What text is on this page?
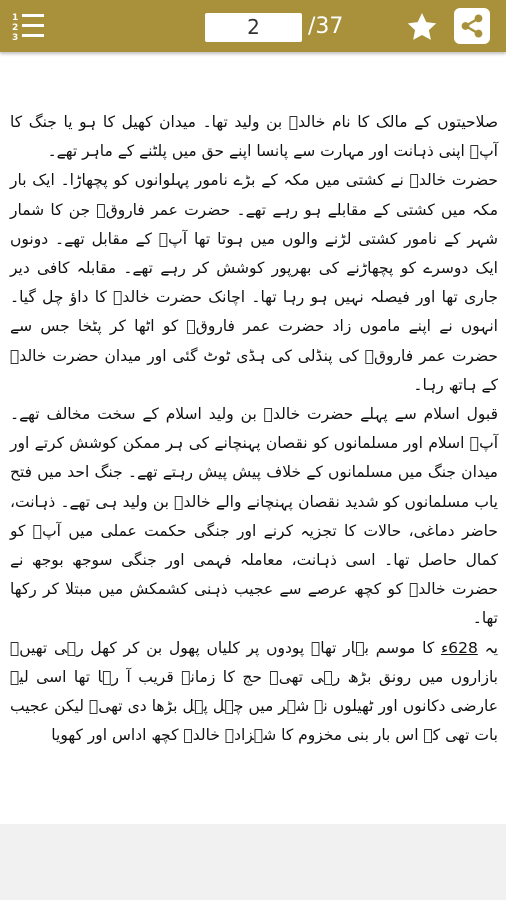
1
2
3	2	/37

صلاحیتوں کے مالک کا نام خالدؓ بن ولید تھا۔ میدان کھیل کا ہو یا جنگ کا آپؓ اپنی ذہانت اور مہارت سے پانسا اپنے حق میں پلٹنے کے ماہر تھے۔

حضرت خالدؓ نے کشتی میں مکہ کے بڑے نامور پہلوانوں کو پچھاڑا۔ ایک بار مکہ میں کشتی کے مقابلے ہو رہے تھے۔ حضرت عمر فاروقؓ جن کا شمار شہر کے نامور کشتی لڑنے والوں میں ہوتا تھا آپؓ کے مقابل تھے۔ دونوں ایک دوسرے کو پچھاڑنے کی بھرپور کوشش کر رہے تھے۔ مقابلہ کافی دیر جاری تھا اور فیصلہ نہیں ہو رہا تھا۔ اچانک حضرت خالدؓ کا داؤ چل گیا۔ انہوں نے اپنے ماموں زاد حضرت عمر فاروقؓ کو اٹھا کر پٹخا جس سے حضرت عمر فاروقؓ کی پنڈلی کی ہڈی ٹوٹ گئی اور میدان حضرت خالدؓ کے ہاتھ رہا۔

قبول اسلام سے پہلے حضرت خالدؓ بن ولید اسلام کے سخت مخالف تھے۔ آپؓ اسلام اور مسلمانوں کو نقصان پہنچانے کی ہر ممکن کوشش کرتے اور میدان جنگ میں مسلمانوں کے خلاف پیش پیش رہتے تھے۔ جنگ احد میں فتح یاب مسلمانوں کو شدید نقصان پہنچانے والے خالدؓ بن ولید ہی تھے۔ ذہانت، حاضر دماغی، حالات کا تجزیہ کرنے اور جنگی حکمت عملی میں آپؓ کو کمال حاصل تھا۔ اسی ذہانت، معاملہ فہمی اور جنگی سوجھ بوجھ نے حضرت خالدؓ کو کچھ عرصے سے عجیب ذہنی کشمکش میں مبتلا کر رکھا تھا۔

یہ 628ء کا موسم بہار تھا۔ پودوں پر کلیاں پھول بن کر کھل رہی تھیں۔ بازاروں میں رونق بڑھ رہی تھی۔ حج کا زمانہ قریب آ رہا تھا اسی لیے عارضی دکانوں اور ٹھیلوں نے شہر میں چہل پہل بڑھا دی تھی۔ لیکن عجیب بات تھی کہ اس بار بنی مخزوم کا شہزادہ خالدؓ کچھ اداس اور کھویا
